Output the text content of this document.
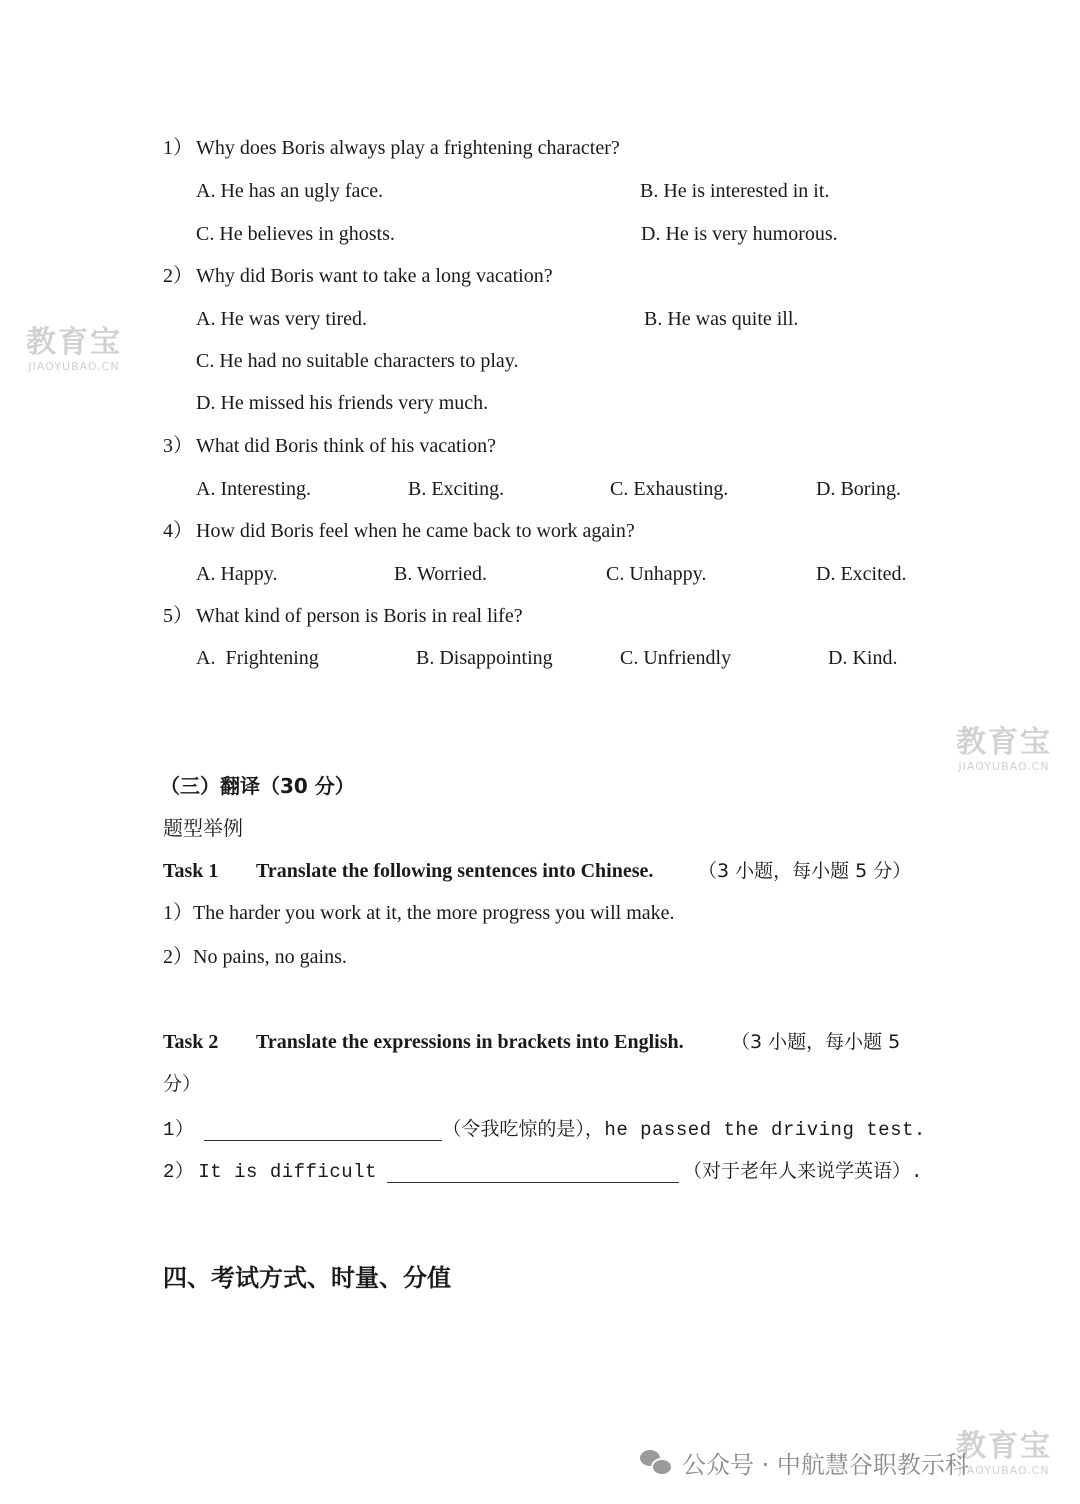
1） Why does Boris always play a frightening character?
A. He has an ugly face.	B. He is interested in it.
C. He believes in ghosts.	D. He is very humorous.
2） Why did Boris want to take a long vacation?
A. He was very tired.	B. He was quite ill.
C. He had no suitable characters to play.
D. He missed his friends very much.
3） What did Boris think of his vacation?
A. Interesting.	B. Exciting.	C. Exhausting.	D. Boring.
4） How did Boris feel when he came back to work again?
A. Happy.	B. Worried.	C. Unhappy.	D. Excited.
5） What kind of person is Boris in real life?
A.  Frightening	B. Disappointing	C. Unfriendly	D. Kind.
（三）翻译（30 分）
题型举例
Task 1 Translate the following sentences into Chinese. （3 小题，每小题 5 分）
1）The harder you work at it, the more progress you will make.
2）No pains, no gains.
Task 2 Translate the expressions in brackets into English. （3 小题，每小题 5
分）
1）	（令我吃惊的是），he passed the driving test.
2） It is difficult	（对于老年人来说学英语）.
四、考试方式、时量、分值
教育宝
JIAOYUBAO.CN
教育宝
JIAOYUBAO.CN
教育宝
JIAOYUBAO.CN
公众号 · 中航慧谷职教示科
